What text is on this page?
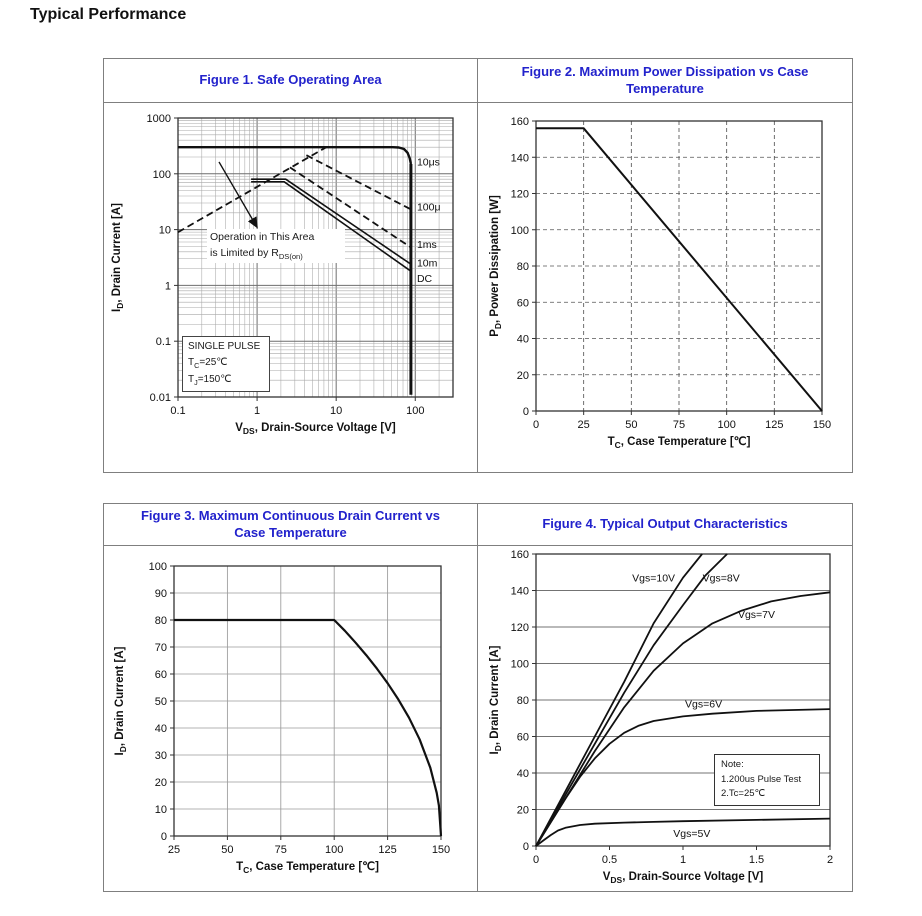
Typical Performance
Figure 1. Safe Operating Area
Figure 2. Maximum Power Dissipation vs Case Temperature
0.1	1	10	100
0.01
0.1
1
10
100
1000
10μs
100μ
1ms
10m
DC
$V_{DS}$, Drain-Source Voltage [V]
$I_D$, Drain Current [A]	Operation in This Area
is Limited by $R_{DS(on)}$
SINGLE PULSE
$T_C=25℃$
$T_J=150℃$
0	25	50	75	100	125	150
0
20
40
60
80
100
120
140
160
$T_C$, Case Temperature [℃]
$P_D$, Power Dissipation [W]
Figure 3. Maximum Continuous Drain Current vs Case Temperature
Figure 4. Typical Output Characteristics
25	50	75	100	125	150
0
10
20
30
40
50
60
70
80
90
100
$T_C$, Case Temperature [℃]
$I_D$, Drain Current [A]
0	0.5	1	1.5	2
0
20
40
60
80
100
120
140
160
Vgs=10V	Vgs=8V
Vgs=7V
Vgs=6V
Vgs=5V
$V_{DS}$, Drain-Source Voltage [V]
$I_D$, Drain Current [A]
Note:
1.200us Pulse Test
2.Tc=25℃
